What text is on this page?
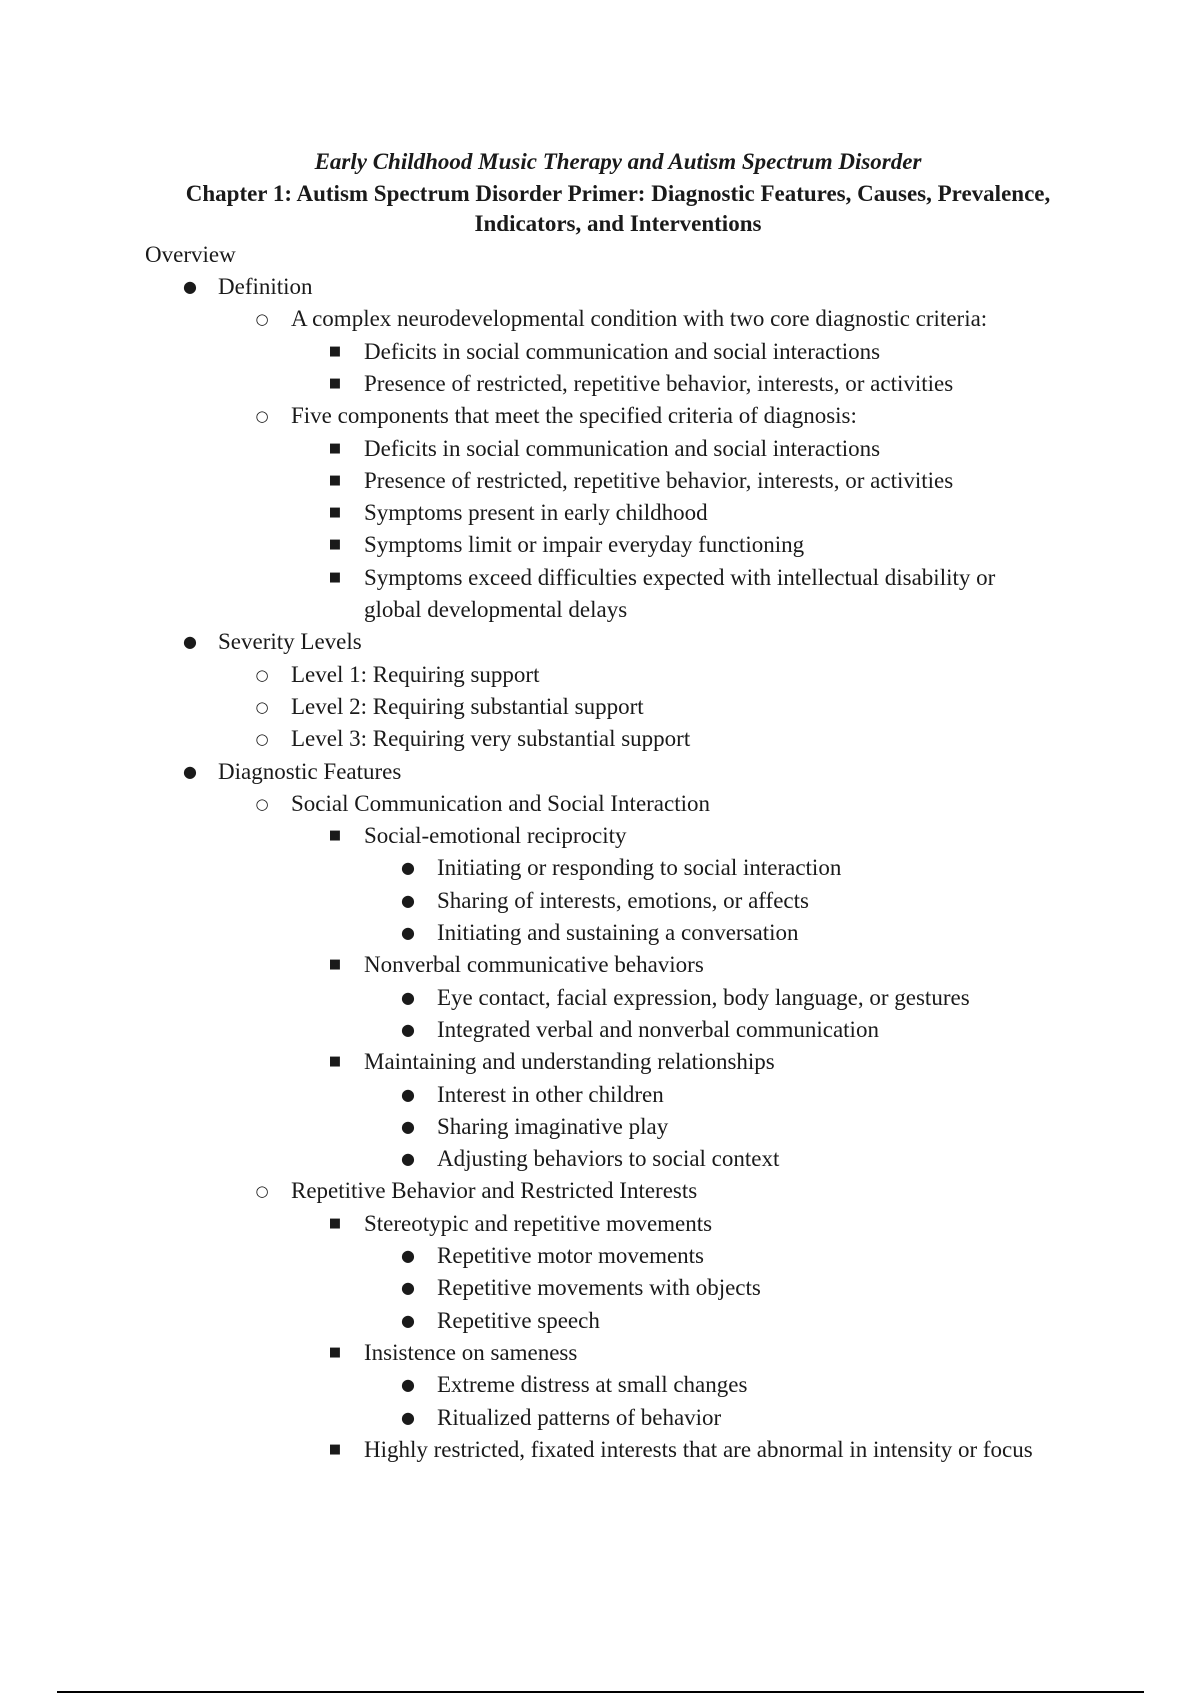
Early Childhood Music Therapy and Autism Spectrum Disorder
Chapter 1: Autism Spectrum Disorder Primer: Diagnostic Features, Causes, Prevalence,
Indicators, and Interventions
Overview
● Definition
○ A complex neurodevelopmental condition with two core diagnostic criteria:
■ Deficits in social communication and social interactions
■ Presence of restricted, repetitive behavior, interests, or activities
○ Five components that meet the specified criteria of diagnosis:
■ Deficits in social communication and social interactions
■ Presence of restricted, repetitive behavior, interests, or activities
■ Symptoms present in early childhood
■ Symptoms limit or impair everyday functioning
■ Symptoms exceed difficulties expected with intellectual disability or
global developmental delays
● Severity Levels
○ Level 1: Requiring support
○ Level 2: Requiring substantial support
○ Level 3: Requiring very substantial support
● Diagnostic Features
○ Social Communication and Social Interaction
■ Social-emotional reciprocity
● Initiating or responding to social interaction
● Sharing of interests, emotions, or affects
● Initiating and sustaining a conversation
■ Nonverbal communicative behaviors
● Eye contact, facial expression, body language, or gestures
● Integrated verbal and nonverbal communication
■ Maintaining and understanding relationships
● Interest in other children
● Sharing imaginative play
● Adjusting behaviors to social context
○ Repetitive Behavior and Restricted Interests
■ Stereotypic and repetitive movements
● Repetitive motor movements
● Repetitive movements with objects
● Repetitive speech
■ Insistence on sameness
● Extreme distress at small changes
● Ritualized patterns of behavior
■ Highly restricted, fixated interests that are abnormal in intensity or focus
